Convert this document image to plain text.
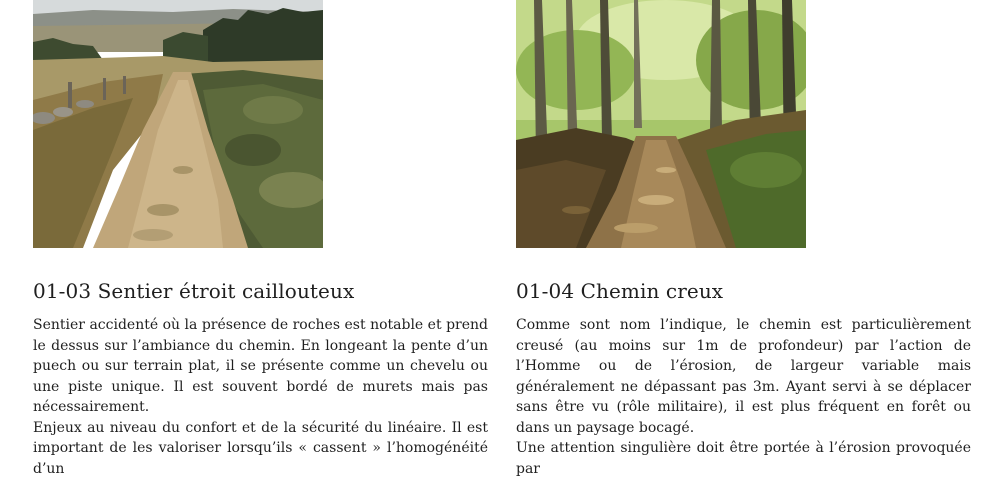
01-03 Sentier étroit caillouteux

Sentier accidenté où la présence de roches est notable et prend le dessus sur l’ambiance du chemin. En longeant la pente d’un puech ou sur terrain plat, il se présente comme un chevelu ou une piste unique. Il est souvent bordé de murets mais pas nécessairement.

Enjeux au niveau du confort et de la sécurité du linéaire. Il est important de les valoriser lorsqu’ils « cassent » l’homogénéité d’un

01-04 Chemin creux

Comme sont nom l’indique, le chemin est particulièrement creusé (au moins sur 1m de profondeur) par l’action de l’Homme ou de l’érosion, de largeur variable mais généralement ne dépassant pas 3m. Ayant servi à se déplacer sans être vu (rôle militaire), il est plus fréquent en forêt ou dans un paysage bocagé.

Une attention singulière doit être portée à l’érosion provoquée par
